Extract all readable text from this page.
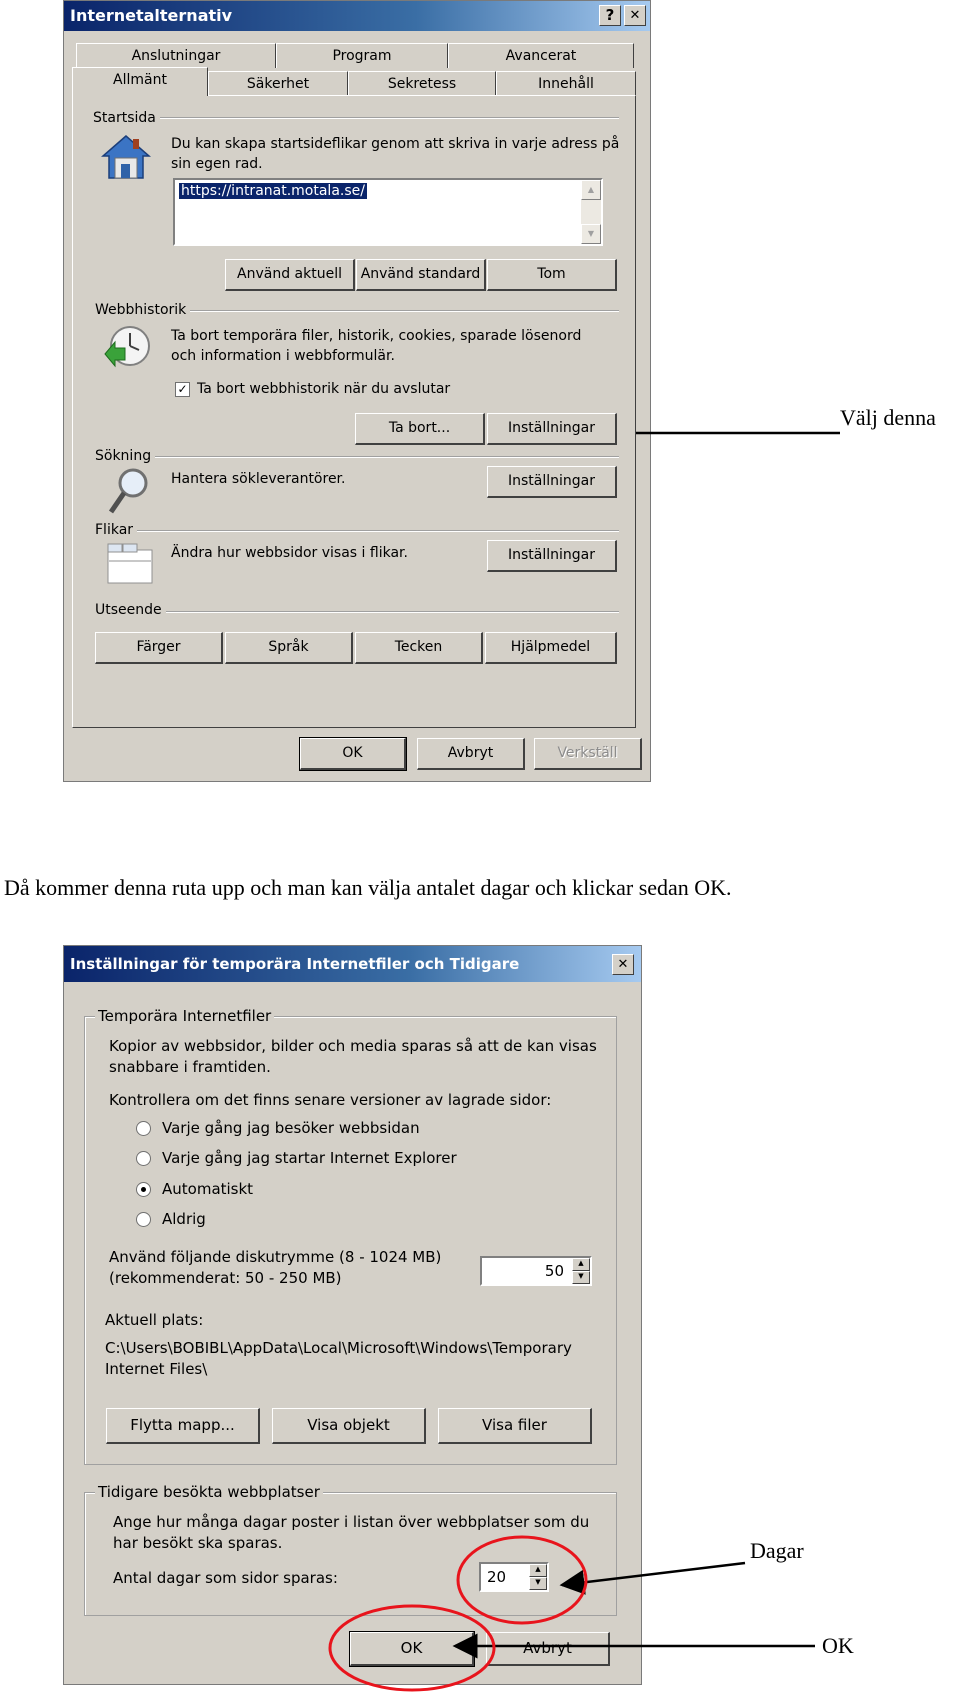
Internetalternativ	?	✕
Anslutningar	Program	Avancerat
Allmänt	Säkerhet	Sekretess	Innehåll
Startsida
Du kan skapa startsideflikar genom att skriva in varje adress på
sin egen rad.
https://intranat.motala.se/	▲
▼
Använd aktuell	Använd standard	Tom
Webbhistorik
Ta bort temporära filer, historik, cookies, sparade lösenord
och information i webbformulär.
✓ Ta bort webbhistorik när du avslutar
Ta bort...	Inställningar
Sökning
Hantera sökleverantörer.	Inställningar
Flikar
Ändra hur webbsidor visas i flikar.	Inställningar
Utseende
Färger	Språk	Tecken	Hjälpmedel
OK	Avbryt	Verkställ
Välj denna
Då kommer denna ruta upp och man kan välja antalet dagar och klickar sedan OK.
Inställningar för temporära Internetfiler och Tidigare	✕
Temporära Internetfiler
Kopior av webbsidor, bilder och media sparas så att de kan visas
snabbare i framtiden.
Kontrollera om det finns senare versioner av lagrade sidor:
Varje gång jag besöker webbsidan
Varje gång jag startar Internet Explorer
Automatiskt
Aldrig
Använd följande diskutrymme (8 - 1024 MB)
(rekommenderat: 50 - 250 MB)	50	▲
▼
Aktuell plats:
C:\Users\BOBIBL\AppData\Local\Microsoft\Windows\Temporary
Internet Files\
Flytta mapp...	Visa objekt	Visa filer
Tidigare besökta webbplatser
Ange hur många dagar poster i listan över webbplatser som du
har besökt ska sparas.
Antal dagar som sidor sparas:	20	▲
▼
OK	Avbryt
Dagar
OK
